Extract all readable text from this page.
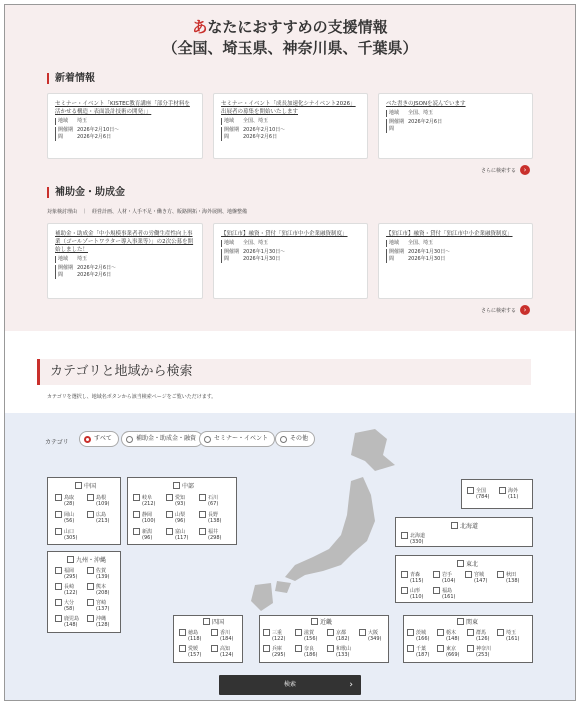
あなたにおすすめの支援情報
（全国、埼玉県、神奈川県、千葉県）
新着情報
セミナー・イベント「KISTEC教育講座「部分手材料を活かせる構造・表面設計技術の開発」」
地域	埼玉
開催期間
2026年2月10日〜
2026年2月6日
セミナー・イベント「成長加速化シナイベント2026」出展者の募集を開始いたします
地域	全国、埼玉
開催期間
2026年2月10日〜
2026年2月6日
べた書きのJSONを読んでいます
地域	全国、埼玉
開催期間
2026年2月6日
さらに検索する	›
補助金・助成金
対象検討理由　｜　経営計画、人材・人手不足・働き方、販路開拓・海外展開、地盤整備
補助金・助成金「中小規模事業者者の労働生産性向上事業（ゴールゾートワラター導入事業等）」の2次公募を開始しました！
地域	埼玉
開催期間
2026年2月6日〜
2026年2月6日
【狛江市】融資・貸付「狛江市中小企業融資制度」
地域	全国、埼玉
開催期間
2026年1月30日〜
2026年1月30日
【狛江市】融資・貸付「狛江市中小企業融資制度」
地域	全国、埼玉
開催期間
2026年1月30日〜
2026年1月30日
さらに検索する	›
カテゴリと地域から検索
カテゴリを選択し、地域名ボタンから該当検索ページをご覧いただけます。
カテゴリ
すべて	補助金・助成金・融資	セミナー・イベント	その他
中国
鳥取
(28)
島根
(109)
岡山
(56)
広島
(213)
山口
(305)
中部
岐阜
(212)
愛知
(93)
石川
(67)
静岡
(100)
山梨
(96)
長野
(138)
新潟
(96)
富山
(117)
福井
(298)
九州・沖縄
福岡
(295)
佐賀
(139)
長崎
(122)
熊本
(208)
大分
(58)
宮崎
(137)
鹿児島
(148)
沖縄
(128)
全国
(784)
海外
(11)
北海道
北海道
(330)
東北
青森
(115)
岩手
(104)
宮城
(147)
秋田
(138)
山形
(110)
福島
(161)
四国
徳島
(118)
香川
(184)
愛媛
(157)
高知
(124)
近畿
三重
(122)
滋賀
(156)
京都
(182)
大阪
(349)
兵庫
(295)
奈良
(186)
和歌山
(133)
関東
茨城
(166)
栃木
(148)
群馬
(126)
埼玉
(161)
千葉
(187)
東京
(669)
神奈川
(253)
検索	›
